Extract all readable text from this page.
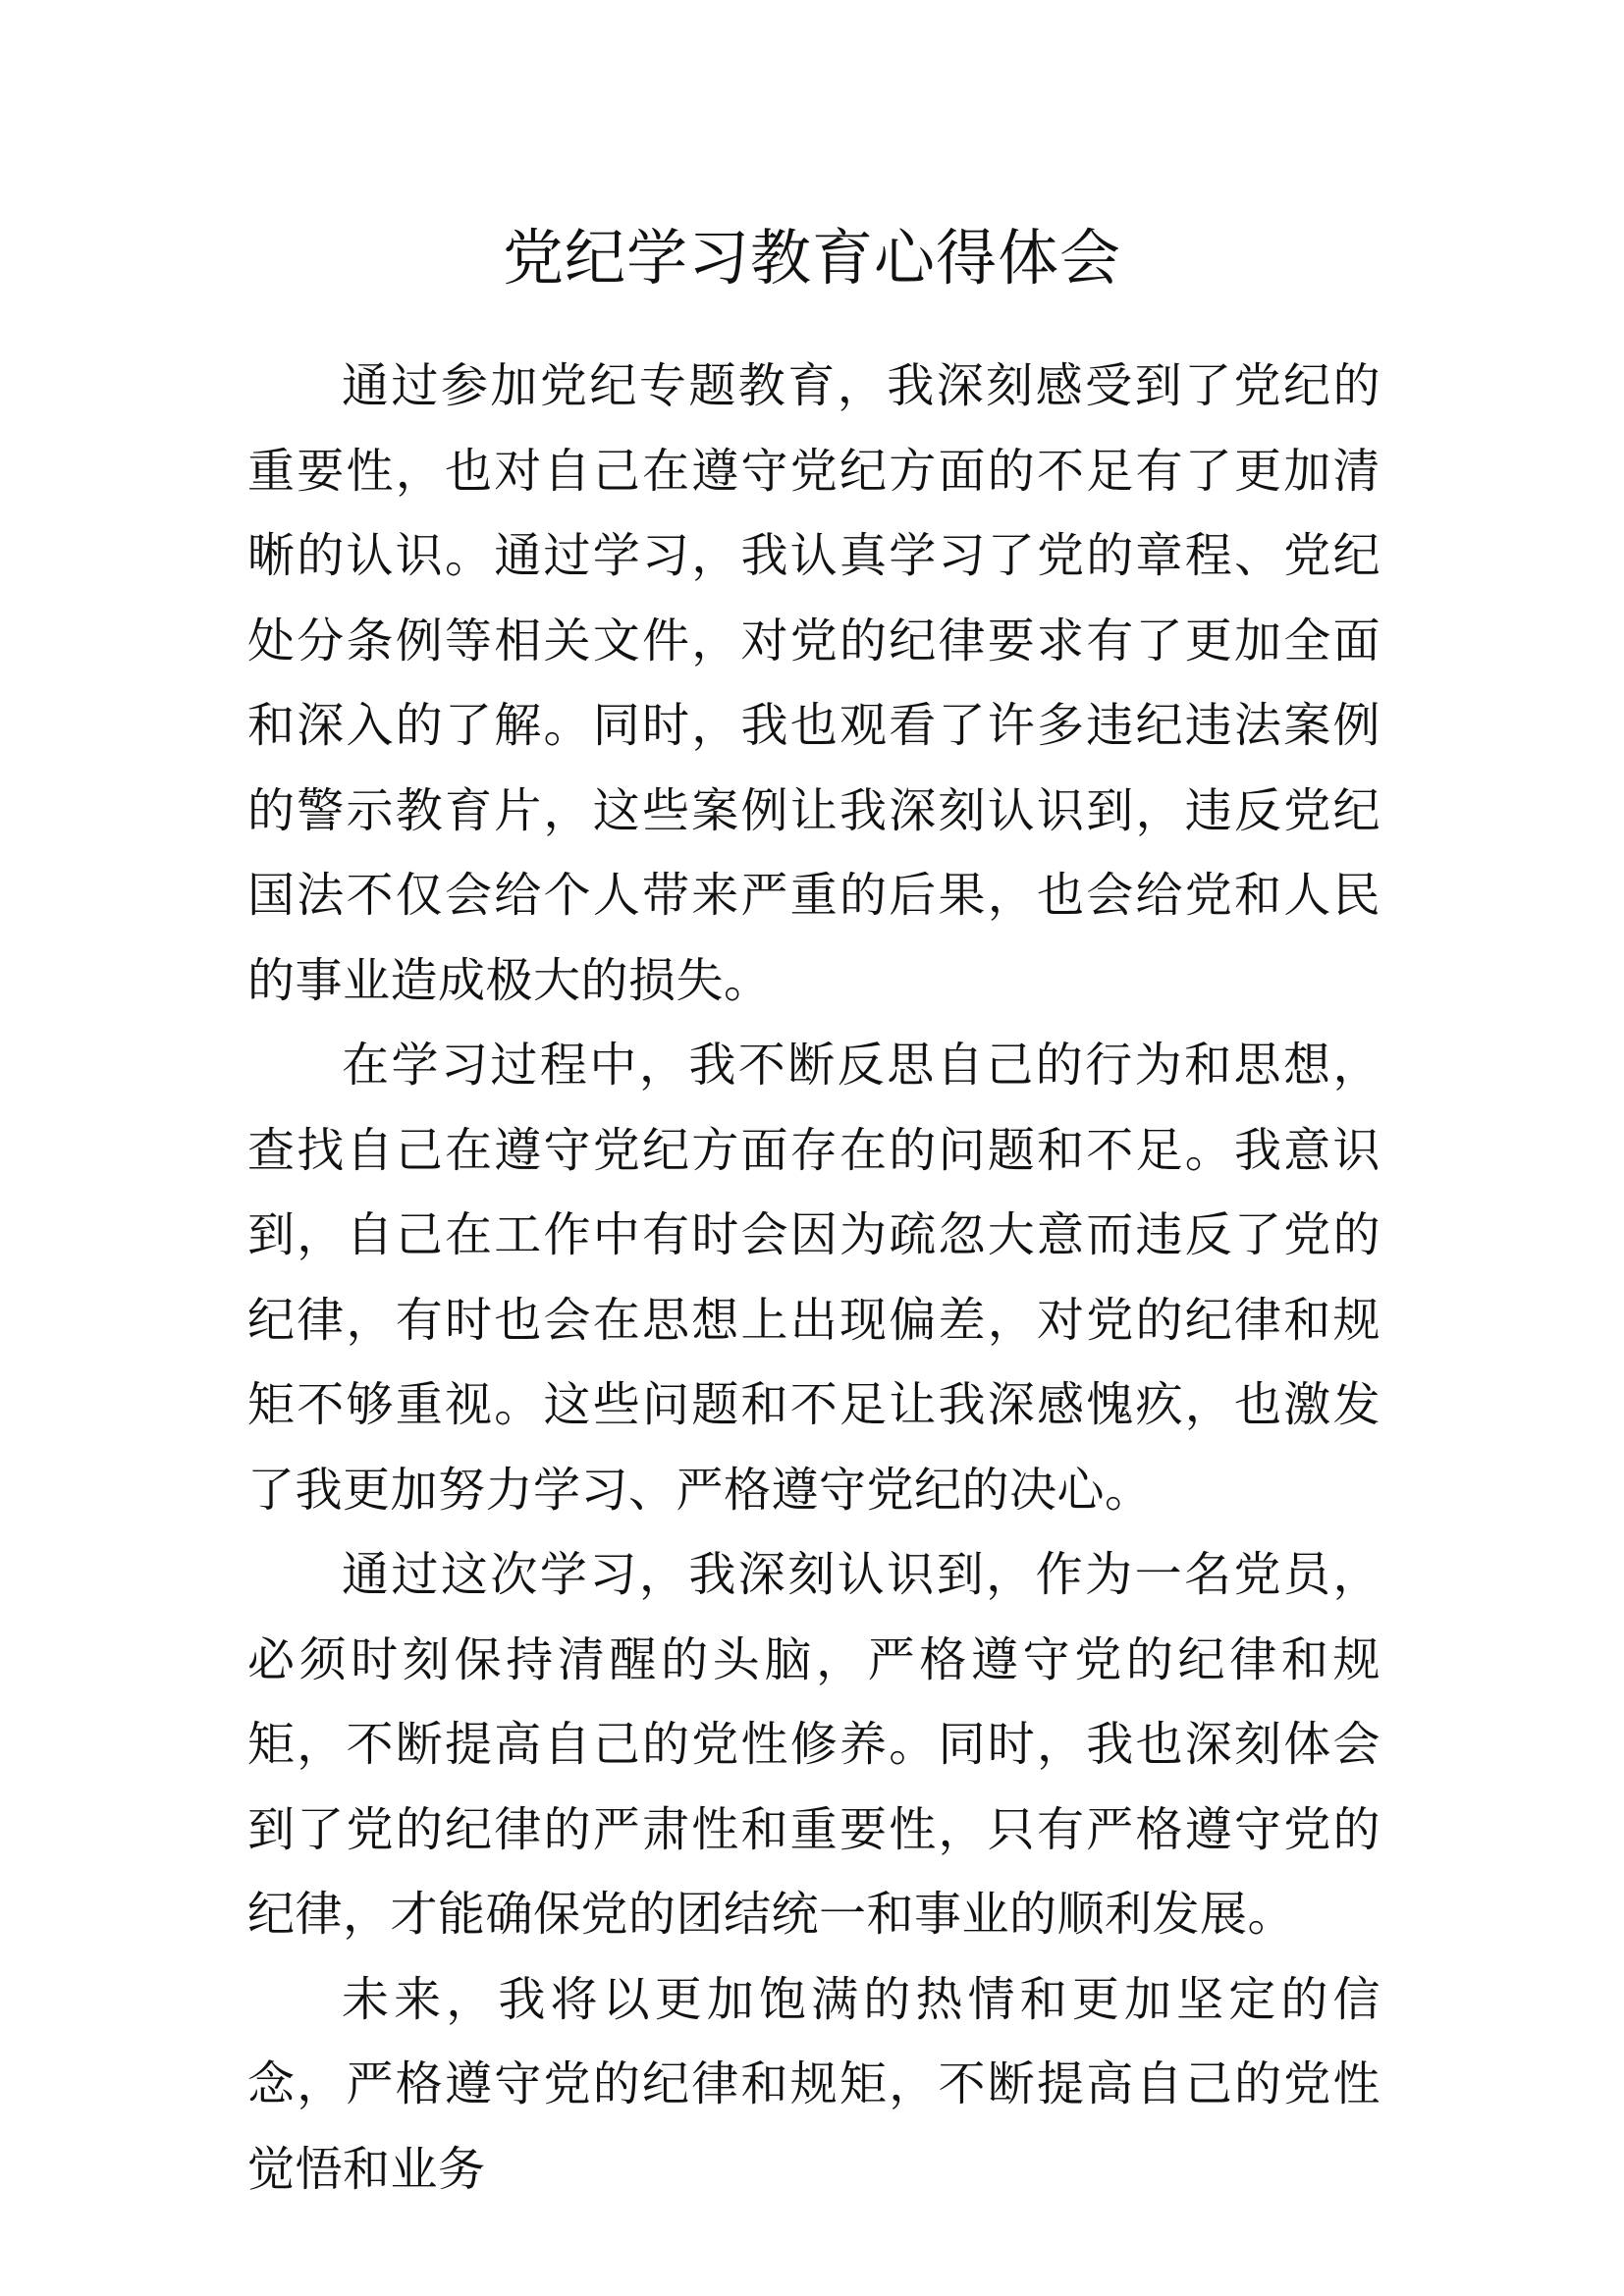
党纪学习教育心得体会

通过参加党纪专题教育，我深刻感受到了党纪的重要性，也对自己在遵守党纪方面的不足有了更加清晰的认识。通过学习，我认真学习了党的章程、党纪处分条例等相关文件，对党的纪律要求有了更加全面和深入的了解。同时，我也观看了许多违纪违法案例的警示教育片，这些案例让我深刻认识到，违反党纪国法不仅会给个人带来严重的后果，也会给党和人民的事业造成极大的损失。

在学习过程中，我不断反思自己的行为和思想，查找自己在遵守党纪方面存在的问题和不足。我意识到，自己在工作中有时会因为疏忽大意而违反了党的纪律，有时也会在思想上出现偏差，对党的纪律和规矩不够重视。这些问题和不足让我深感愧疚，也激发了我更加努力学习、严格遵守党纪的决心。

通过这次学习，我深刻认识到，作为一名党员，必须时刻保持清醒的头脑，严格遵守党的纪律和规矩，不断提高自己的党性修养。同时，我也深刻体会到了党的纪律的严肃性和重要性，只有严格遵守党的纪律，才能确保党的团结统一和事业的顺利发展。

未来，我将以更加饱满的热情和更加坚定的信念，严格遵守党的纪律和规矩，不断提高自己的党性觉悟和业务
